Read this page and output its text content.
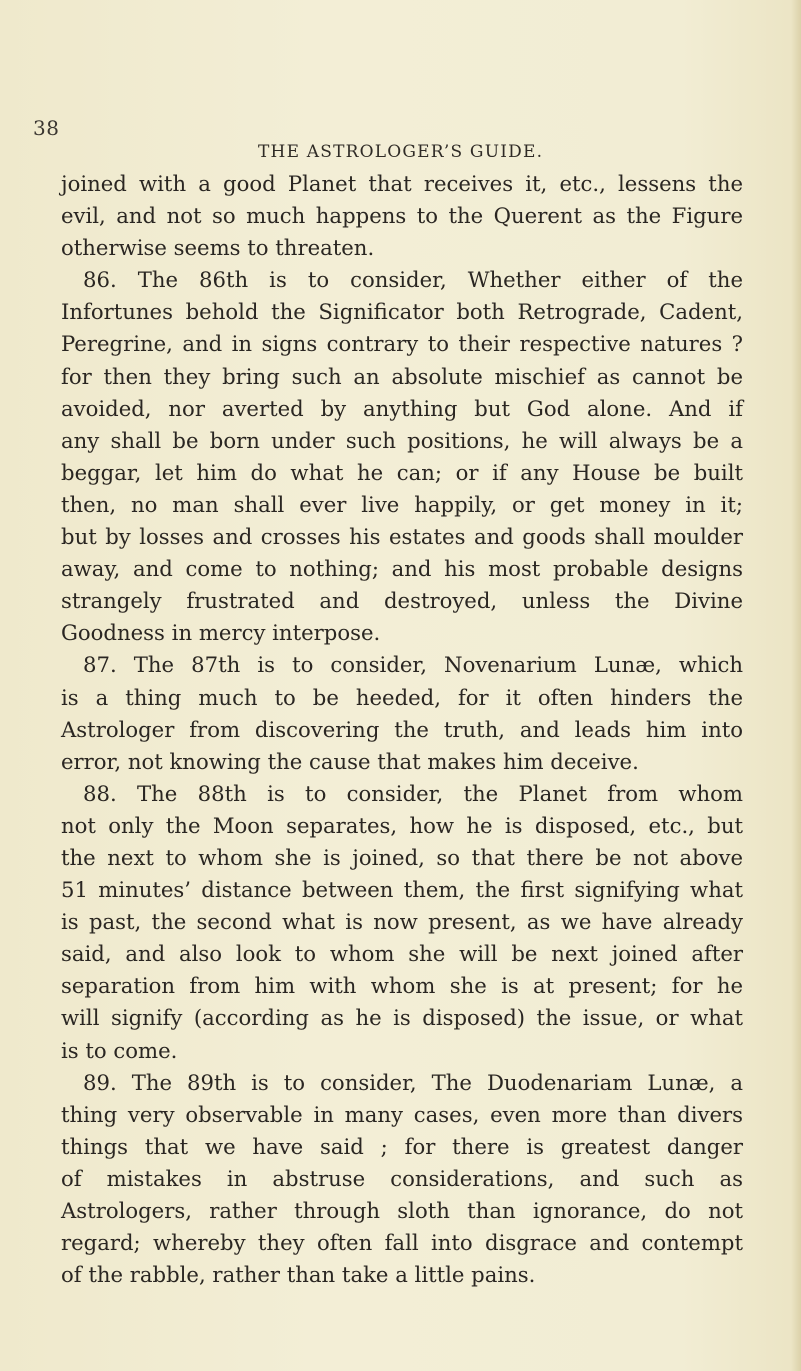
38
THE ASTROLOGER’S GUIDE.
joined with a good Planet that receives it, etc., lessens the
evil, and not so much happens to the Querent as the Figure
otherwise seems to threaten.
86. The 86th is to consider, Whether either of the
Infortunes behold the Significator both Retrograde, Cadent,
Peregrine, and in signs contrary to their respective natures ?
for then they bring such an absolute mischief as cannot be
avoided, nor averted by anything but God alone. And if
any shall be born under such positions, he will always be a
beggar, let him do what he can; or if any House be built
then, no man shall ever live happily, or get money in it;
but by losses and crosses his estates and goods shall moulder
away, and come to nothing; and his most probable designs
strangely frustrated and destroyed, unless the Divine
Goodness in mercy interpose.
87. The 87th is to consider, Novenarium Lunæ, which
is a thing much to be heeded, for it often hinders the
Astrologer from discovering the truth, and leads him into
error, not knowing the cause that makes him deceive.
88. The 88th is to consider, the Planet from whom
not only the Moon separates, how he is disposed, etc., but
the next to whom she is joined, so that there be not above
51 minutes’ distance between them, the first signifying what
is past, the second what is now present, as we have already
said, and also look to whom she will be next joined after
separation from him with whom she is at present; for he
will signify (according as he is disposed) the issue, or what
is to come.
89. The 89th is to consider, The Duodenariam Lunæ, a
thing very observable in many cases, even more than divers
things that we have said ; for there is greatest danger
of mistakes in abstruse considerations, and such as
Astrologers, rather through sloth than ignorance, do not
regard; whereby they often fall into disgrace and contempt
of the rabble, rather than take a little pains.
